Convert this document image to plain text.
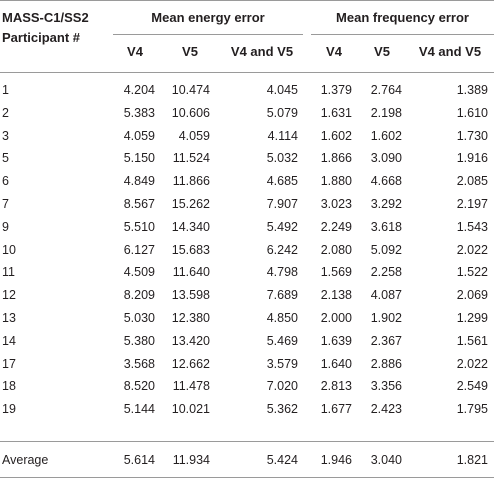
MASS-C1/SS2
Participant #
Mean energy error	Mean frequency error
V4	V5	V4 and V5	V4	V5	V4 and V5
1	4.204	10.474	4.045	1.379	2.764	1.389
2	5.383	10.606	5.079	1.631	2.198	1.610
3	4.059	4.059	4.114	1.602	1.602	1.730
5	5.150	11.524	5.032	1.866	3.090	1.916
6	4.849	11.866	4.685	1.880	4.668	2.085
7	8.567	15.262	7.907	3.023	3.292	2.197
9	5.510	14.340	5.492	2.249	3.618	1.543
10	6.127	15.683	6.242	2.080	5.092	2.022
11	4.509	11.640	4.798	1.569	2.258	1.522
12	8.209	13.598	7.689	2.138	4.087	2.069
13	5.030	12.380	4.850	2.000	1.902	1.299
14	5.380	13.420	5.469	1.639	2.367	1.561
17	3.568	12.662	3.579	1.640	2.886	2.022
18	8.520	11.478	7.020	2.813	3.356	2.549
19	5.144	10.021	5.362	1.677	2.423	1.795
Average	5.614	11.934	5.424	1.946	3.040	1.821
